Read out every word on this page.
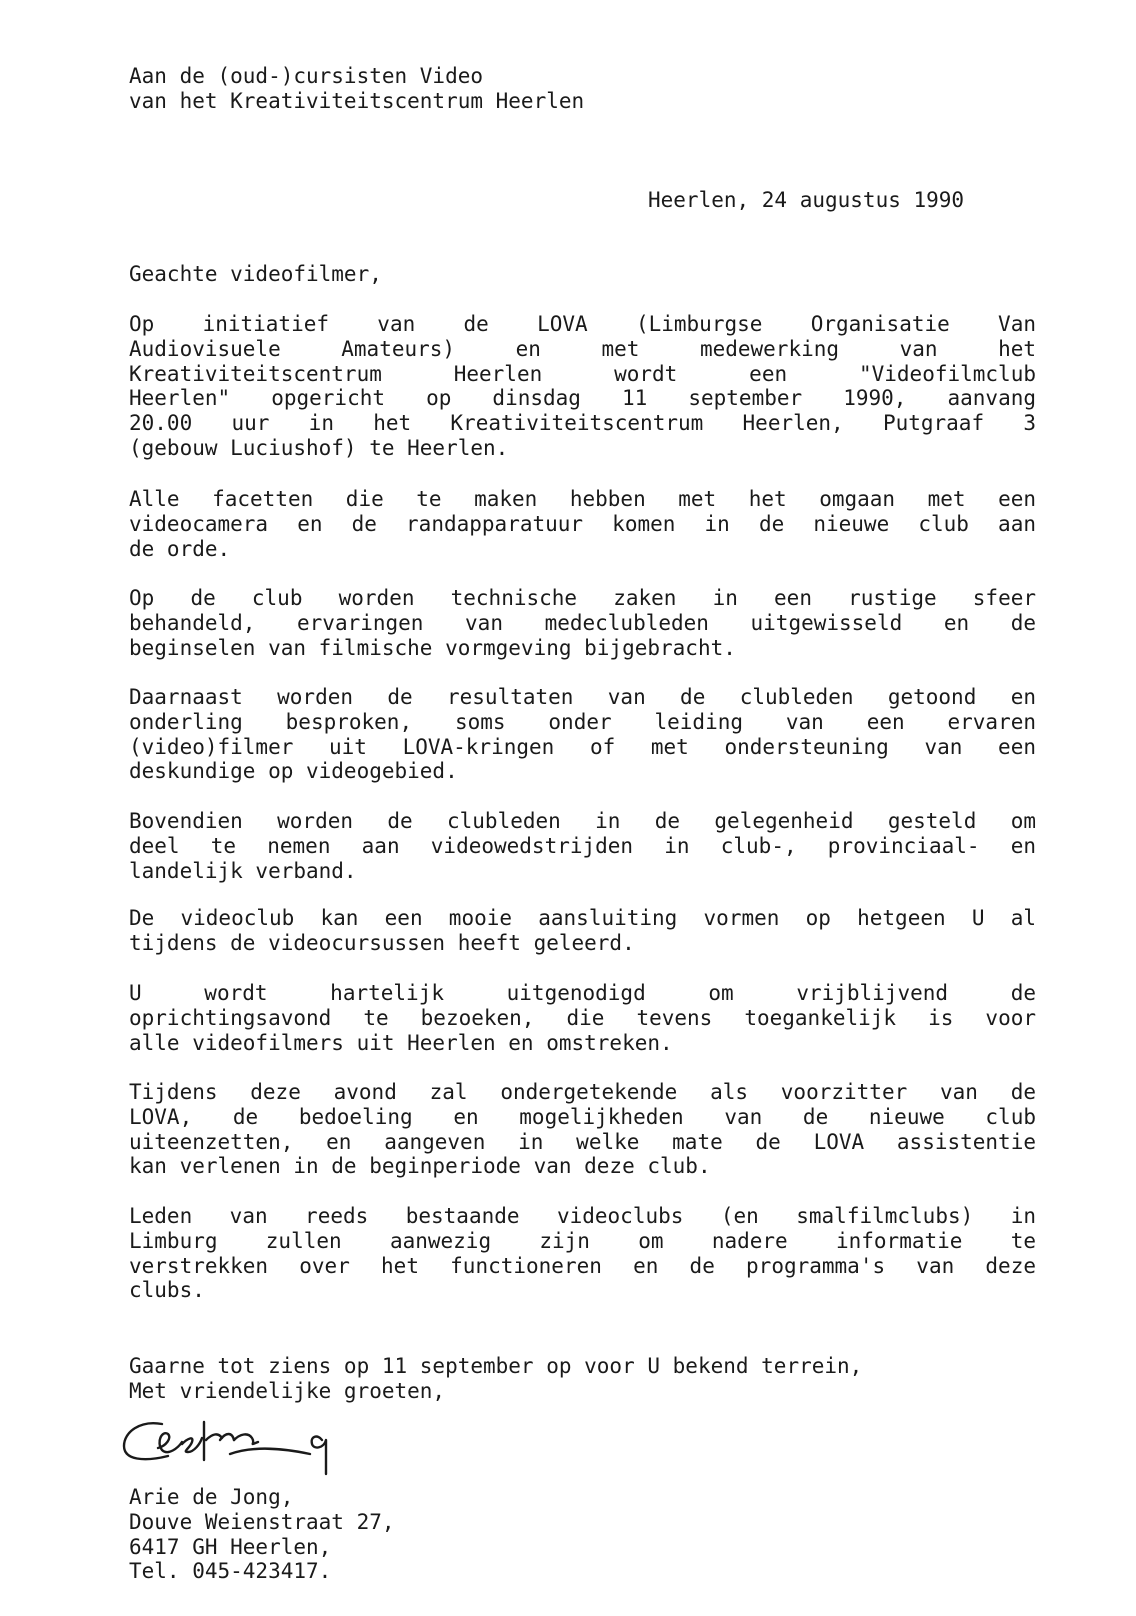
Aan de (oud-)cursisten Video
van het Kreativiteitscentrum Heerlen
Heerlen, 24 augustus 1990
Geachte videofilmer,
Op initiatief van de LOVA (Limburgse Organisatie Van
Audiovisuele Amateurs) en met medewerking van het
Kreativiteitscentrum Heerlen wordt een "Videofilmclub
Heerlen" opgericht op dinsdag 11 september 1990, aanvang
20.00 uur in het Kreativiteitscentrum Heerlen, Putgraaf 3
(gebouw Luciushof) te Heerlen.
Alle facetten die te maken hebben met het omgaan met een
videocamera en de randapparatuur komen in de nieuwe club aan
de orde.
Op de club worden technische zaken in een rustige sfeer
behandeld, ervaringen van medeclubleden uitgewisseld en de
beginselen van filmische vormgeving bijgebracht.
Daarnaast worden de resultaten van de clubleden getoond en
onderling besproken, soms onder leiding van een ervaren
(video)filmer uit LOVA-kringen of met ondersteuning van een
deskundige op videogebied.
Bovendien worden de clubleden in de gelegenheid gesteld om
deel te nemen aan videowedstrijden in club-, provinciaal- en
landelijk verband.
De videoclub kan een mooie aansluiting vormen op hetgeen U al
tijdens de videocursussen heeft geleerd.
U wordt hartelijk uitgenodigd om vrijblijvend de
oprichtingsavond te bezoeken, die tevens toegankelijk is voor
alle videofilmers uit Heerlen en omstreken.
Tijdens deze avond zal ondergetekende als voorzitter van de
LOVA, de bedoeling en mogelijkheden van de nieuwe club
uiteenzetten, en aangeven in welke mate de LOVA assistentie
kan verlenen in de beginperiode van deze club.
Leden van reeds bestaande videoclubs (en smalfilmclubs) in
Limburg zullen aanwezig zijn om nadere informatie te
verstrekken over het functioneren en de programma's van deze
clubs.
Gaarne tot ziens op 11 september op voor U bekend terrein,
Met vriendelijke groeten,
Arie de Jong,
Douve Weienstraat 27,
6417 GH Heerlen,
Tel. 045-423417.
